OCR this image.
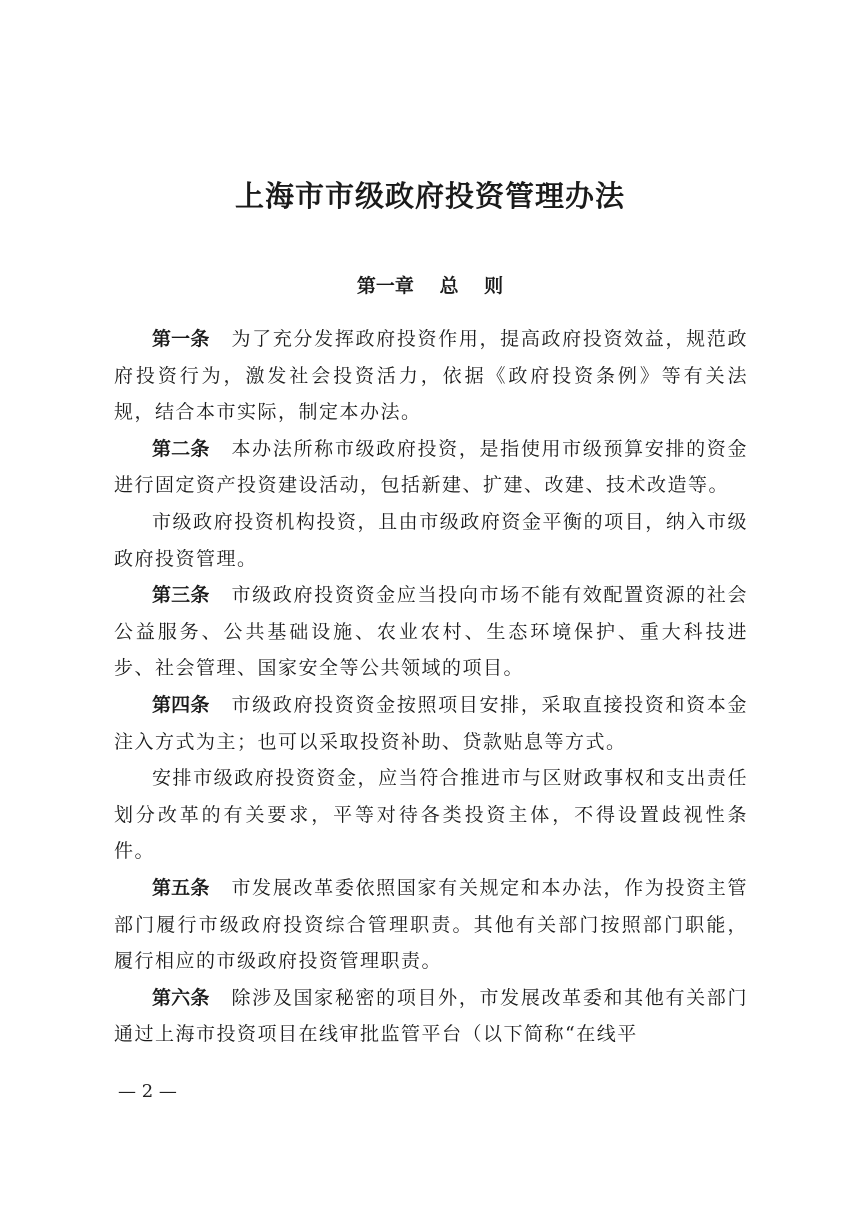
上海市市级政府投资管理办法
第一章　 总　 则

第一条 为了充分发挥政府投资作用，提高政府投资效益，规范政府投资行为，激发社会投资活力，依据《政府投资条例》等有关法规，结合本市实际，制定本办法。

第二条 本办法所称市级政府投资，是指使用市级预算安排的资金进行固定资产投资建设活动，包括新建、扩建、改建、技术改造等。

市级政府投资机构投资，且由市级政府资金平衡的项目，纳入市级政府投资管理。

第三条 市级政府投资资金应当投向市场不能有效配置资源的社会公益服务、公共基础设施、农业农村、生态环境保护、重大科技进步、社会管理、国家安全等公共领域的项目。

第四条 市级政府投资资金按照项目安排，采取直接投资和资本金注入方式为主；也可以采取投资补助、贷款贴息等方式。

安排市级政府投资资金，应当符合推进市与区财政事权和支出责任划分改革的有关要求，平等对待各类投资主体，不得设置歧视性条件。

第五条 市发展改革委依照国家有关规定和本办法，作为投资主管部门履行市级政府投资综合管理职责。其他有关部门按照部门职能，履行相应的市级政府投资管理职责。

第六条 除涉及国家秘密的项目外，市发展改革委和其他有关部门通过上海市投资项目在线审批监管平台（以下简称“在线平

— 2 —
